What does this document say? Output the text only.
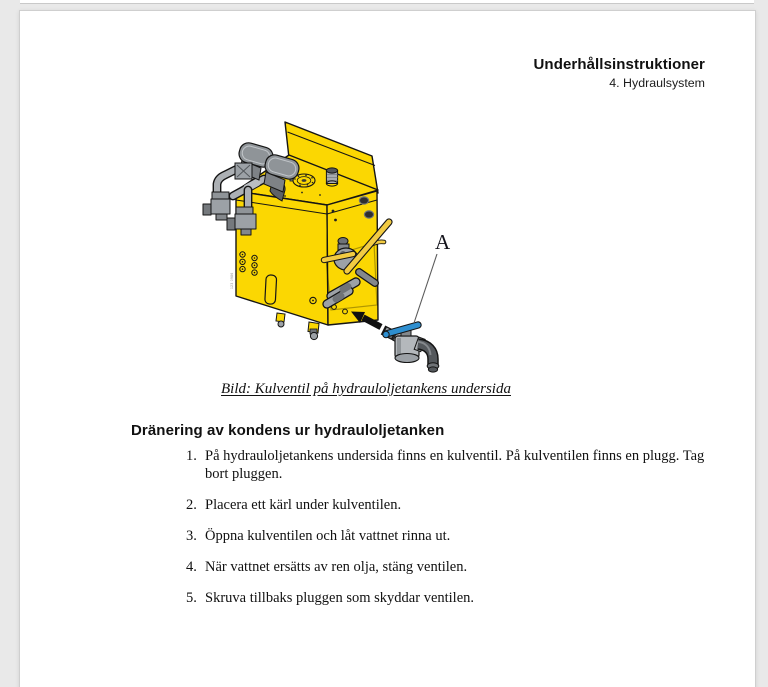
Underhållsinstruktioner
4. Hydraulsystem
123 0986
A
Bild: Kulventil på hydrauloljetankens undersida
Dränering av kondens ur hydrauloljetanken
1. På hydrauloljetankens undersida finns en kulventil. På kulventilen finns en plugg. Tag bort pluggen.
2. Placera ett kärl under kulventilen.
3. Öppna kulventilen och låt vattnet rinna ut.
4. När vattnet ersätts av ren olja, stäng ventilen.
5. Skruva tillbaks pluggen som skyddar ventilen.
